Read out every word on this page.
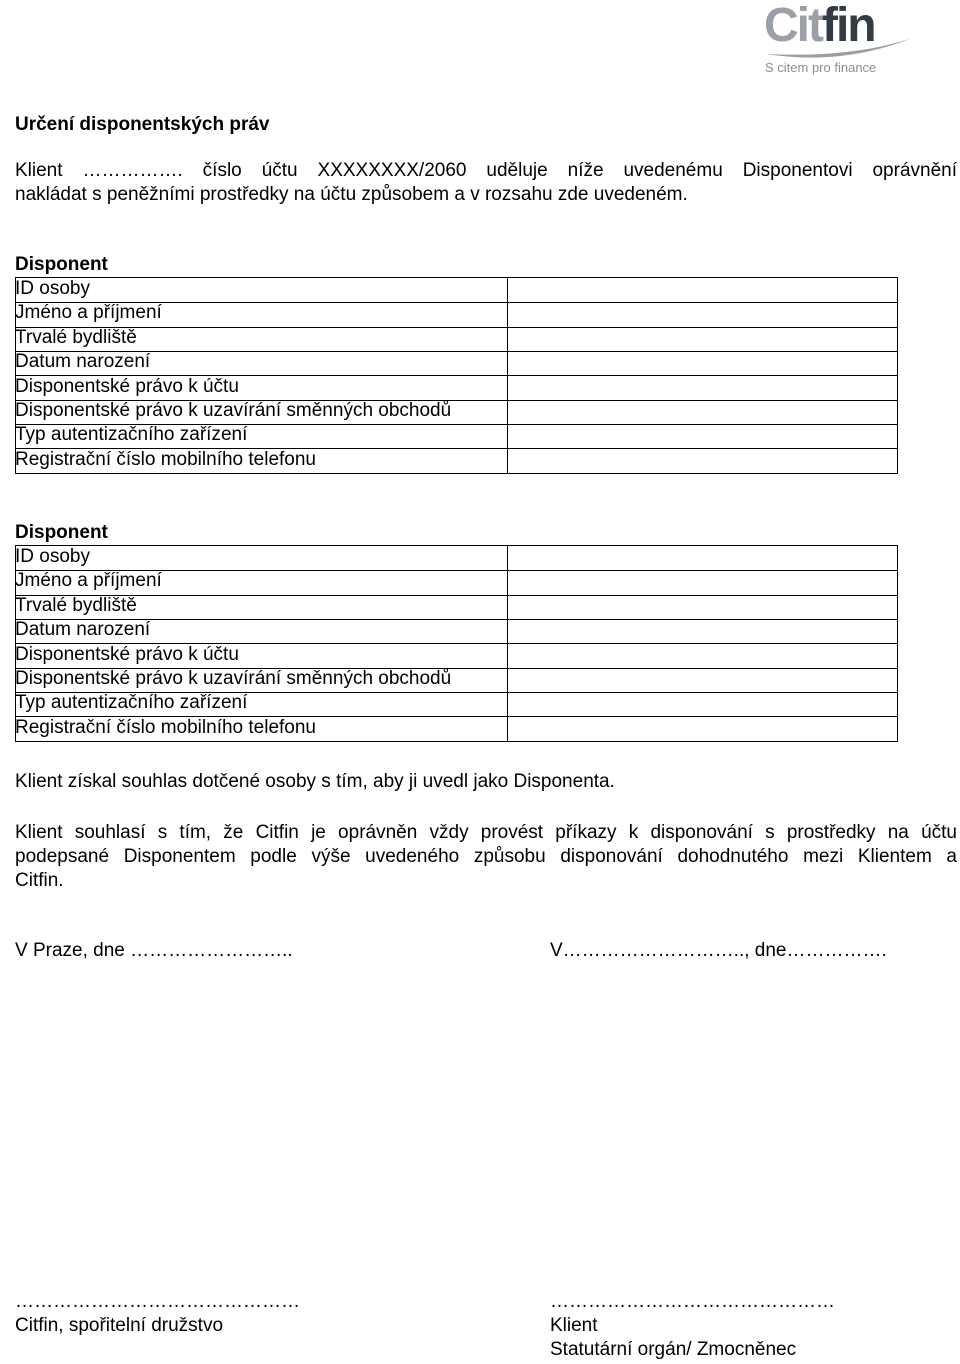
Citfin
S citem pro finance
Určení disponentských práv
Klient ……………. číslo účtu XXXXXXXX/2060 uděluje níže uvedenému Disponentovi oprávnění
nakládat s peněžními prostředky na účtu způsobem a v rozsahu zde uvedeném.
Disponent
ID osoby
Jméno a příjmení
Trvalé bydliště
Datum narození
Disponentské právo k účtu
Disponentské právo k uzavírání směnných obchodů
Typ autentizačního zařízení
Registrační číslo mobilního telefonu
Disponent
ID osoby
Jméno a příjmení
Trvalé bydliště
Datum narození
Disponentské právo k účtu
Disponentské právo k uzavírání směnných obchodů
Typ autentizačního zařízení
Registrační číslo mobilního telefonu
Klient získal souhlas dotčené osoby s tím, aby ji uvedl jako Disponenta.
Klient souhlasí s tím, že Citfin je oprávněn vždy provést příkazy k disponování s prostředky na účtu
podepsané Disponentem podle výše uvedeného způsobu disponování dohodnutého mezi Klientem a
Citfin.
V Praze, dne ……………………..	V……………………….., dne…………….
………………………………………
Citfin, spořitelní družstvo
………………………………………
Klient
Statutární orgán/ Zmocněnec
